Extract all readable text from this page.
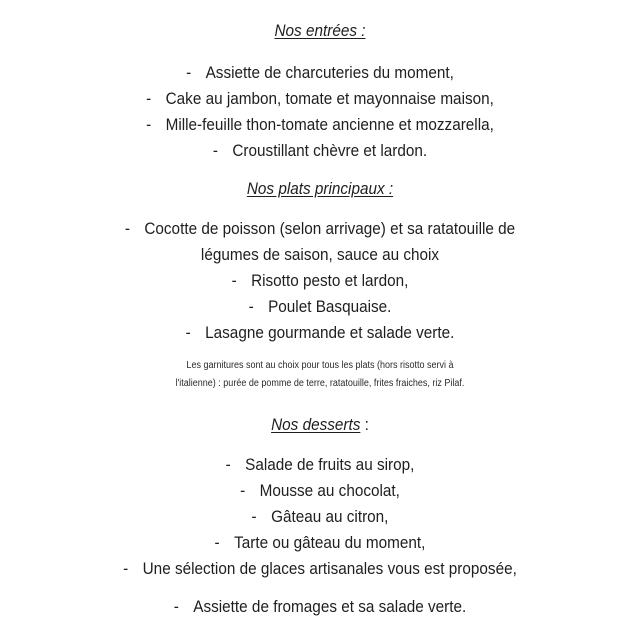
Nos entrées :
- Assiette de charcuteries du moment,
- Cake au jambon, tomate et mayonnaise maison,
- Mille-feuille thon-tomate ancienne et mozzarella,
- Croustillant chèvre et lardon.
Nos plats principaux :
- Cocotte de poisson (selon arrivage) et sa ratatouille de
légumes de saison, sauce au choix
- Risotto pesto et lardon,
- Poulet Basquaise.
- Lasagne gourmande et salade verte.
Les garnitures sont au choix pour tous les plats (hors risotto servi à
l'italienne) : purée de pomme de terre, ratatouille, frites fraiches, riz Pilaf.
Nos desserts :
- Salade de fruits au sirop,
- Mousse au chocolat,
- Gâteau au citron,
- Tarte ou gâteau du moment,
- Une sélection de glaces artisanales vous est proposée,
- Assiette de fromages et sa salade verte.
